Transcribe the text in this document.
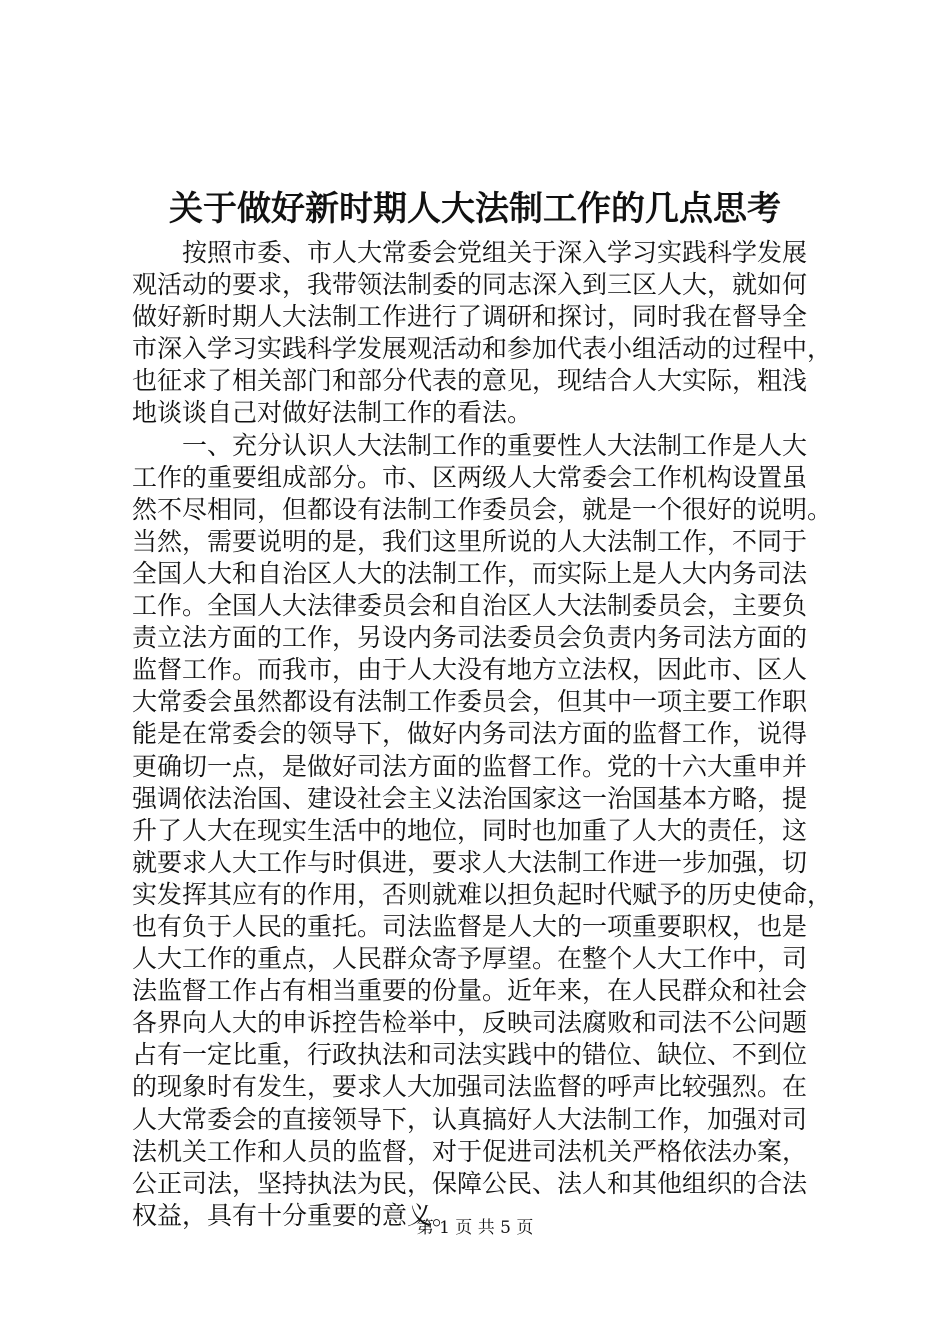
关于做好新时期人大法制工作的几点思考
　　按照市委、市人大常委会党组关于深入学习实践科学发展
观活动的要求，我带领法制委的同志深入到三区人大，就如何
做好新时期人大法制工作进行了调研和探讨，同时我在督导全
市深入学习实践科学发展观活动和参加代表小组活动的过程中，
也征求了相关部门和部分代表的意见，现结合人大实际，粗浅
地谈谈自己对做好法制工作的看法。
　　一、充分认识人大法制工作的重要性人大法制工作是人大
工作的重要组成部分。市、区两级人大常委会工作机构设置虽
然不尽相同，但都设有法制工作委员会，就是一个很好的说明。
当然，需要说明的是，我们这里所说的人大法制工作，不同于
全国人大和自治区人大的法制工作，而实际上是人大内务司法
工作。全国人大法律委员会和自治区人大法制委员会，主要负
责立法方面的工作，另设内务司法委员会负责内务司法方面的
监督工作。而我市，由于人大没有地方立法权，因此市、区人
大常委会虽然都设有法制工作委员会，但其中一项主要工作职
能是在常委会的领导下，做好内务司法方面的监督工作，说得
更确切一点，是做好司法方面的监督工作。党的十六大重申并
强调依法治国、建设社会主义法治国家这一治国基本方略，提
升了人大在现实生活中的地位，同时也加重了人大的责任，这
就要求人大工作与时俱进，要求人大法制工作进一步加强，切
实发挥其应有的作用，否则就难以担负起时代赋予的历史使命，
也有负于人民的重托。司法监督是人大的一项重要职权，也是
人大工作的重点，人民群众寄予厚望。在整个人大工作中，司
法监督工作占有相当重要的份量。近年来，在人民群众和社会
各界向人大的申诉控告检举中，反映司法腐败和司法不公问题
占有一定比重，行政执法和司法实践中的错位、缺位、不到位
的现象时有发生，要求人大加强司法监督的呼声比较强烈。在
人大常委会的直接领导下，认真搞好人大法制工作，加强对司
法机关工作和人员的监督，对于促进司法机关严格依法办案，
公正司法，坚持执法为民，保障公民、法人和其他组织的合法
权益，具有十分重要的意义。
第 1 页 共 5 页
